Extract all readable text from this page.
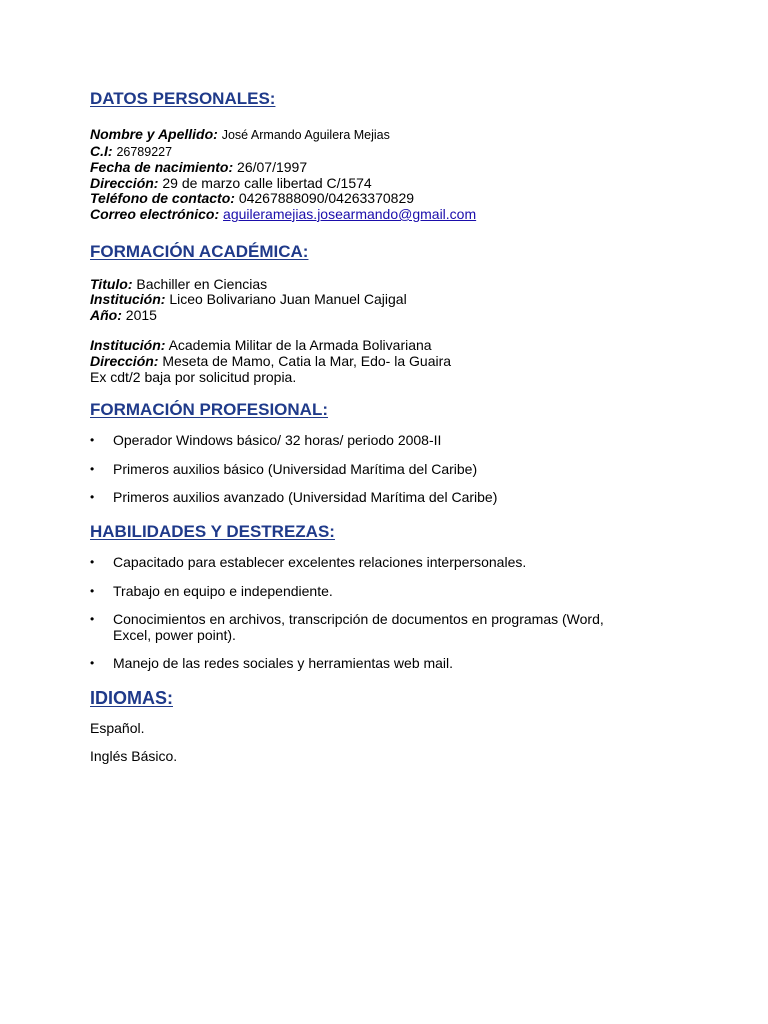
DATOS PERSONALES:

Nombre y Apellido: José Armando Aguilera Mejias

C.I: 26789227

Fecha de nacimiento: 26/07/1997

Dirección: 29 de marzo calle libertad C/1574

Teléfono de contacto: 04267888090/04263370829

Correo electrónico: aguileramejias.josearmando@gmail.com

FORMACIÓN ACADÉMICA:

Titulo: Bachiller en Ciencias

Institución: Liceo Bolivariano Juan Manuel Cajigal

Año: 2015

Institución: Academia Militar de la Armada Bolivariana

Dirección: Meseta de Mamo, Catia la Mar, Edo- la Guaira

Ex cdt/2 baja por solicitud propia.

FORMACIÓN PROFESIONAL:
• Operador Windows básico/ 32 horas/ periodo 2008-II
• Primeros auxilios básico (Universidad Marítima del Caribe)
• Primeros auxilios avanzado (Universidad Marítima del Caribe)
HABILIDADES Y DESTREZAS:
• Capacitado para establecer excelentes relaciones interpersonales.
• Trabajo en equipo e independiente.
• Conocimientos en archivos, transcripción de documentos en programas (Word, Excel, power point).
• Manejo de las redes sociales y herramientas web mail.
IDIOMAS:

Español.

Inglés Básico.
